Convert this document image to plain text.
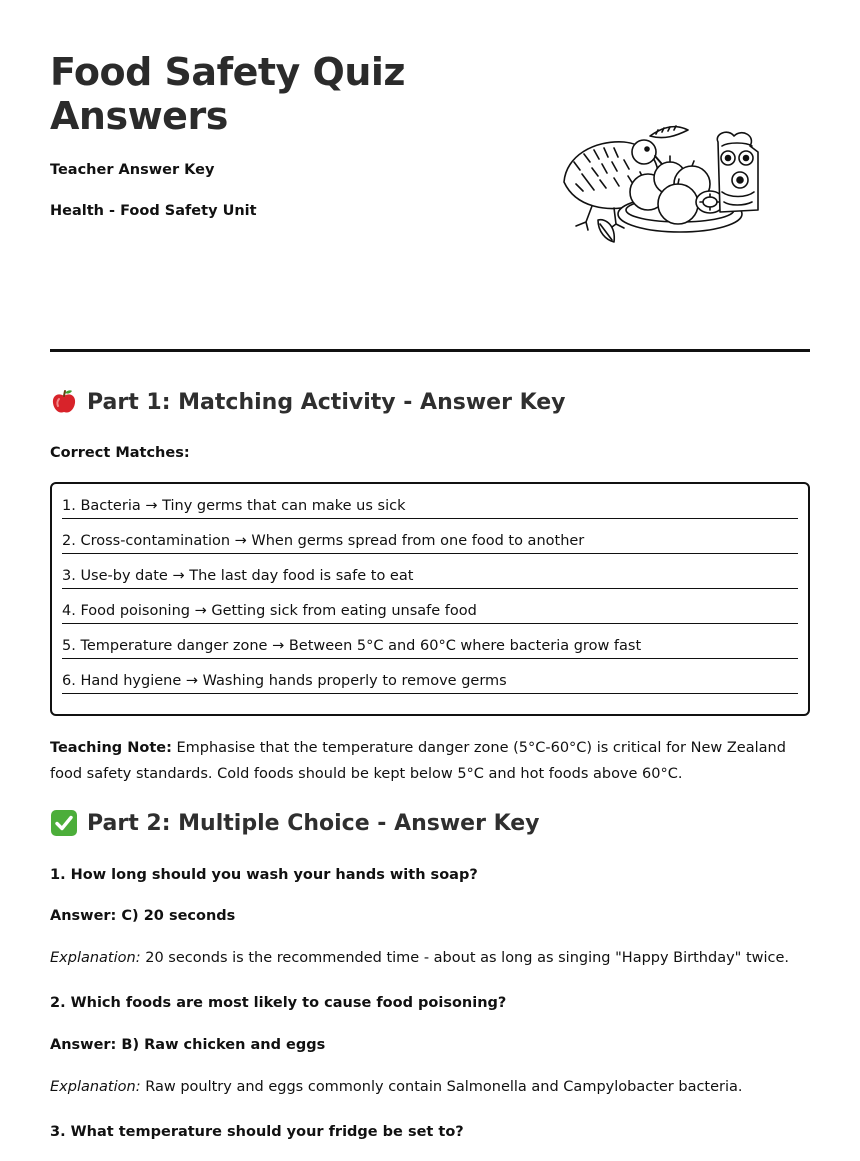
Food Safety Quiz
Answers
Teacher Answer Key
Health - Food Safety Unit
Part 1: Matching Activity - Answer Key
Correct Matches:
1. Bacteria → Tiny germs that can make us sick
2. Cross-contamination → When germs spread from one food to another
3. Use-by date → The last day food is safe to eat
4. Food poisoning → Getting sick from eating unsafe food
5. Temperature danger zone → Between 5°C and 60°C where bacteria grow fast
6. Hand hygiene → Washing hands properly to remove germs

Teaching Note: Emphasise that the temperature danger zone (5°C-60°C) is critical for New Zealand food safety standards. Cold foods should be kept below 5°C and hot foods above 60°C.

Part 2: Multiple Choice - Answer Key
1. How long should you wash your hands with soap?
Answer: C) 20 seconds
Explanation: 20 seconds is the recommended time - about as long as singing "Happy Birthday" twice.
2. Which foods are most likely to cause food poisoning?
Answer: B) Raw chicken and eggs
Explanation: Raw poultry and eggs commonly contain Salmonella and Campylobacter bacteria.
3. What temperature should your fridge be set to?
